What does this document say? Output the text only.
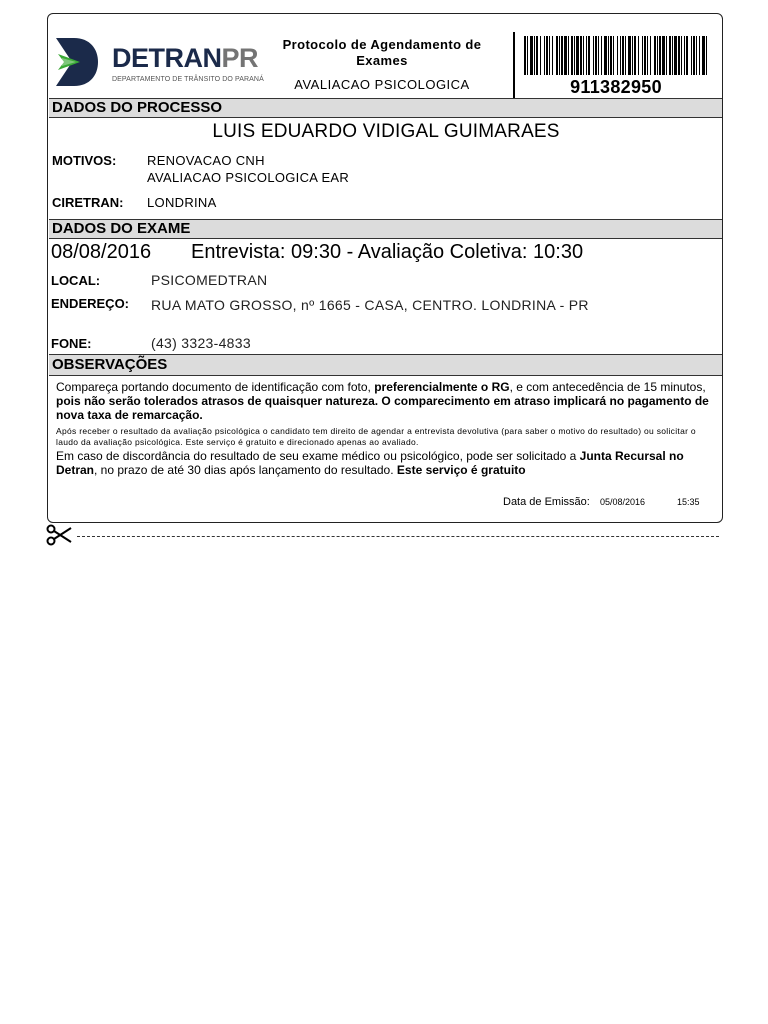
DETRANPR
DEPARTAMENTO DE TRÂNSITO DO PARANÁ
Protocolo de Agendamento de Exames
AVALIACAO PSICOLOGICA	911382950
DADOS DO PROCESSO
LUIS EDUARDO VIDIGAL GUIMARAES
MOTIVOS: RENOVACAO CNH
AVALIACAO PSICOLOGICA EAR
CIRETRAN: LONDRINA
DADOS DO EXAME
08/08/2016 Entrevista: 09:30 - Avaliação Coletiva: 10:30
LOCAL:	PSICOMEDTRAN
ENDEREÇO: RUA MATO GROSSO, nº 1665 - CASA, CENTRO. LONDRINA - PR
FONE:	(43) 3323-4833
OBSERVAÇÕES
Compareça portando documento de identificação com foto, preferencialmente o RG, e com antecedência de 15 minutos, pois não serão tolerados atrasos de quaisquer natureza. O comparecimento em atraso implicará no pagamento de nova taxa de remarcação.
Após receber o resultado da avaliação psicológica o candidato tem direito de agendar a entrevista devolutiva (para saber o motivo do resultado) ou solicitar o laudo da avaliação psicológica. Este serviço é gratuito e direcionado apenas ao avaliado.
Em caso de discordância do resultado de seu exame médico ou psicológico, pode ser solicitado a Junta Recursal no Detran, no prazo de até 30 dias após lançamento do resultado. Este serviço é gratuito
Data de Emissão: 05/08/2016	15:35
